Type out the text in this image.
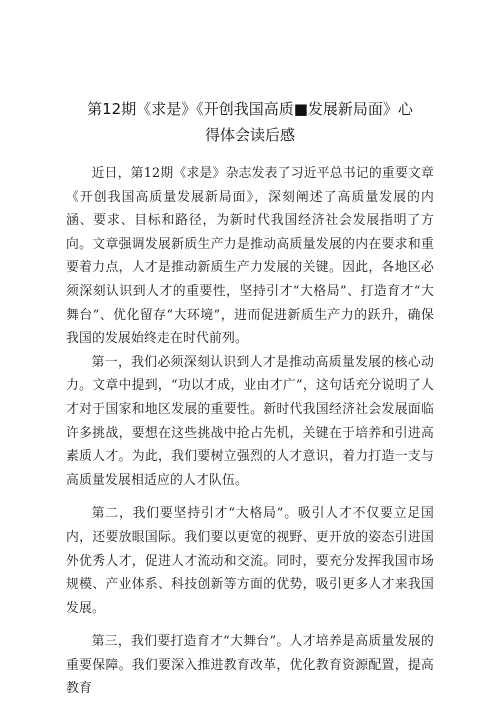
第12期《求是》《开创我国高质■发展新局面》心
得体会读后感

近日，第12期《求是》杂志发表了习近平总书记的重要文章《开创我国高质量发展新局面》，深刻阐述了高质量发展的内涵、要求、目标和路径，为新时代我国经济社会发展指明了方向。文章强调发展新质生产力是推动高质量发展的内在要求和重要着力点，人才是推动新质生产力发展的关键。因此，各地区必须深刻认识到人才的重要性，坚持引才“大格局”、打造育才“大舞台”、优化留存“大环境”，进而促进新质生产力的跃升，确保我国的发展始终走在时代前列。

第一，我们必须深刻认识到人才是推动高质量发展的核心动力。文章中提到，“功以才成，业由才广”，这句话充分说明了人才对于国家和地区发展的重要性。新时代我国经济社会发展面临许多挑战，要想在这些挑战中抢占先机，关键在于培养和引进高素质人才。为此，我们要树立强烈的人才意识，着力打造一支与高质量发展相适应的人才队伍。

第二，我们要坚持引才“大格局”。吸引人才不仅要立足国内，还要放眼国际。我们要以更宽的视野、更开放的姿态引进国外优秀人才，促进人才流动和交流。同时，要充分发挥我国市场规模、产业体系、科技创新等方面的优势，吸引更多人才来我国发展。

第三，我们要打造育才“大舞台”。人才培养是高质量发展的重要保障。我们要深入推进教育改革，优化教育资源配置，提高教育
